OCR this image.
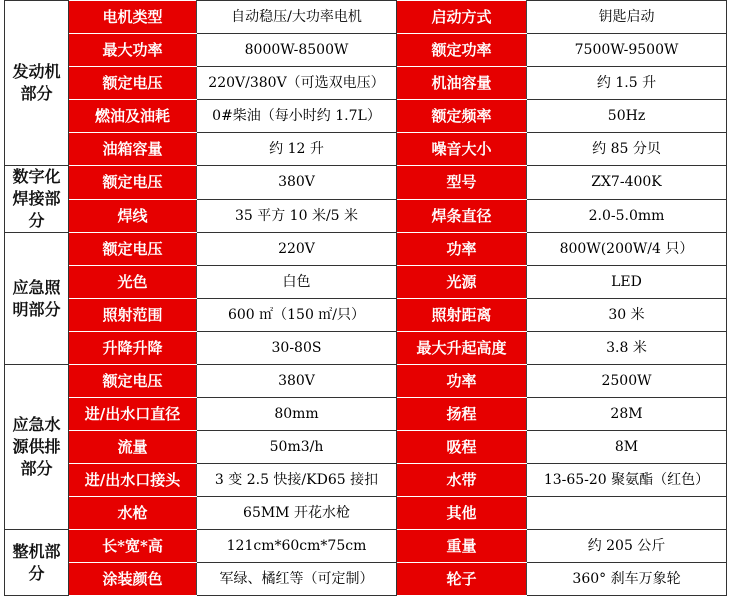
发动机部分	电机类型	自动稳压/大功率电机	启动方式	钥匙启动
	最大功率	8000W-8500W	额定功率	7500W-9500W
	额定电压	220V/380V（可选双电压）	机油容量	约 1.5 升
	燃油及油耗	0#柴油（每小时约 1.7L）	额定频率	50Hz
	油箱容量	约 12 升	噪音大小	约 85 分贝
数字化焊接部分	额定电压	380V	型号	ZX7-400K
	焊线	35 平方 10 米/5 米	焊条直径	2.0-5.0mm
应急照明部分	额定电压	220V	功率	800W(200W/4 只）
	光色	白色	光源	LED
	照射范围	600 ㎡（150 ㎡/只）	照射距离	30 米
	升降升降	30-80S	最大升起高度	3.8 米
应急水源供排部分	额定电压	380V	功率	2500W
	进/出水口直径	80mm	扬程	28M
	流量	50m3/h	吸程	8M
	进/出水口接头	3 变 2.5 快接/KD65 接扣	水带	13-65-20 聚氨酯（红色）
	水枪	65MM 开花水枪	其他	
整机部分	长*宽*高	121cm*60cm*75cm	重量	约 205 公斤
	涂装颜色	军绿、橘红等（可定制）	轮子	360° 刹车万象轮
